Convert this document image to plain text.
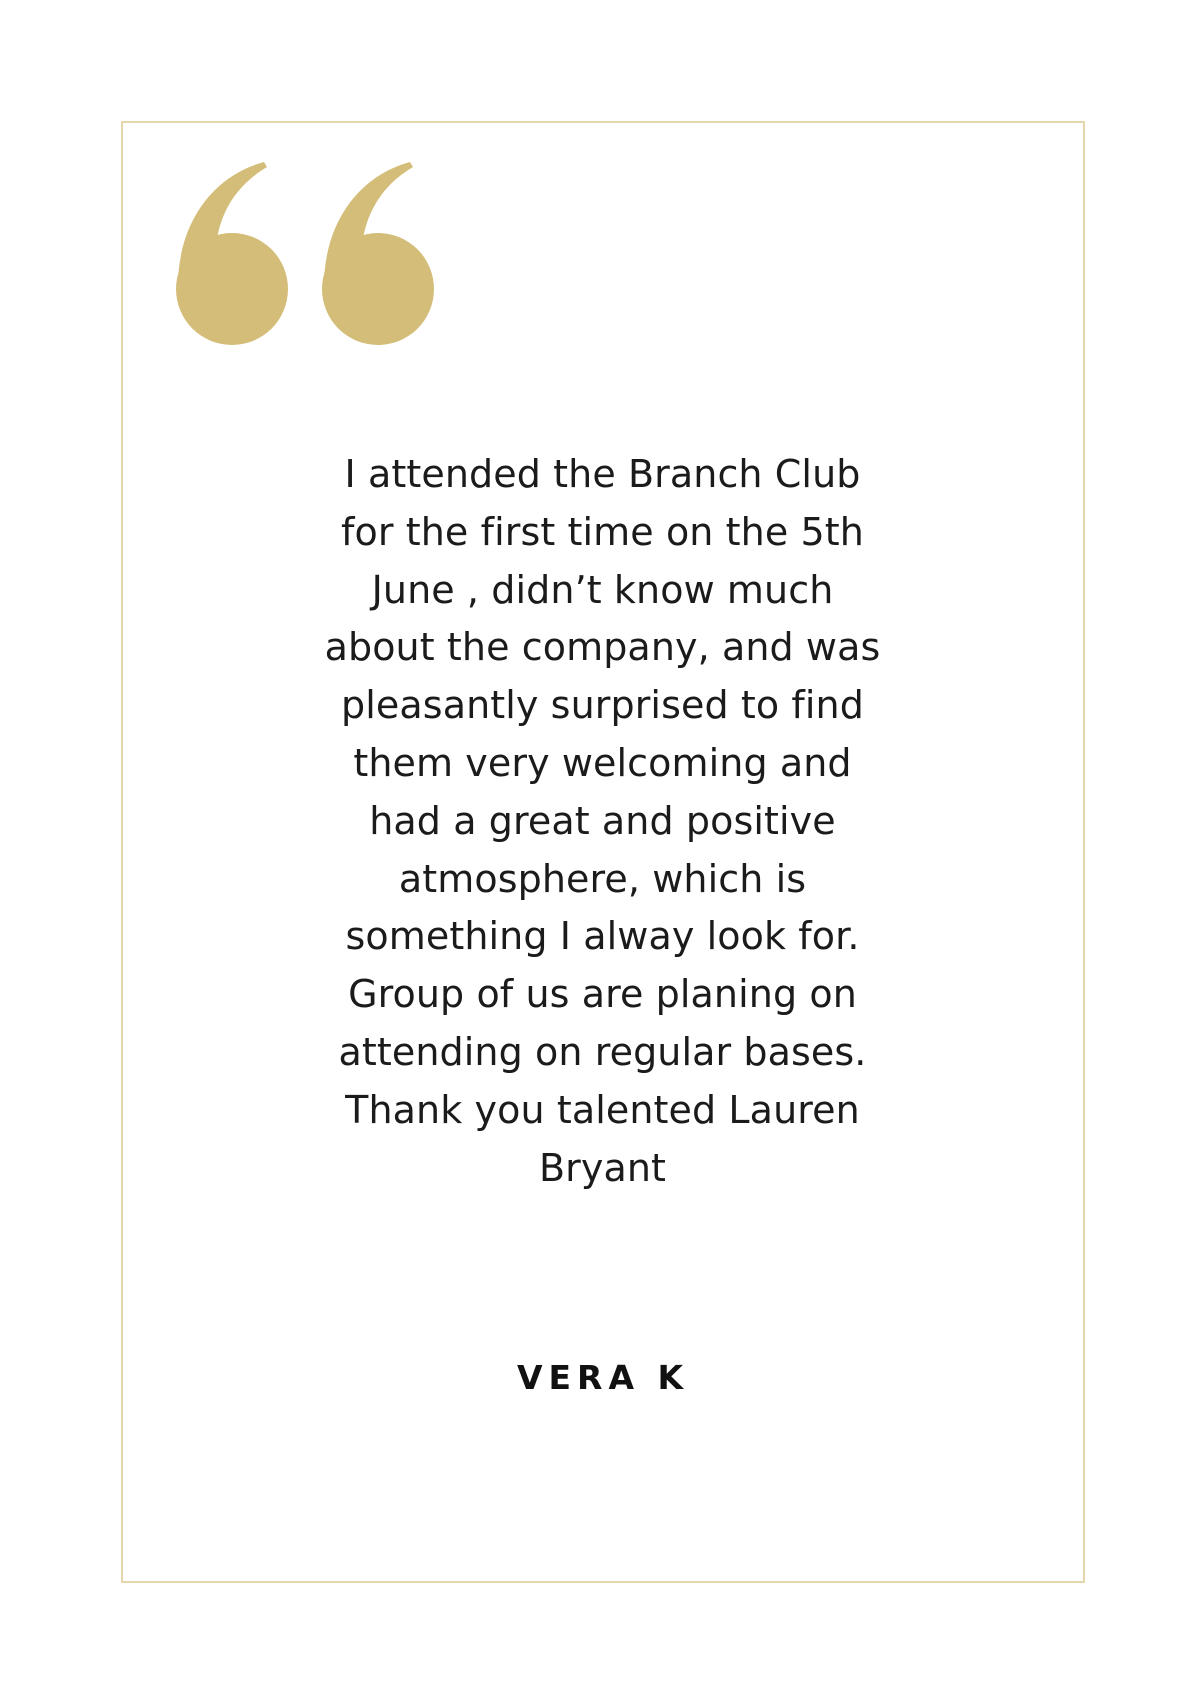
I attended the Branch Club
for the first time on the 5th
June , didn’t know much
about the company, and was
pleasantly surprised to find
them very welcoming and
had a great and positive
atmosphere, which is
something I alway look for.
Group of us are planing on
attending on regular bases.
Thank you talented Lauren
Bryant

VERA K
